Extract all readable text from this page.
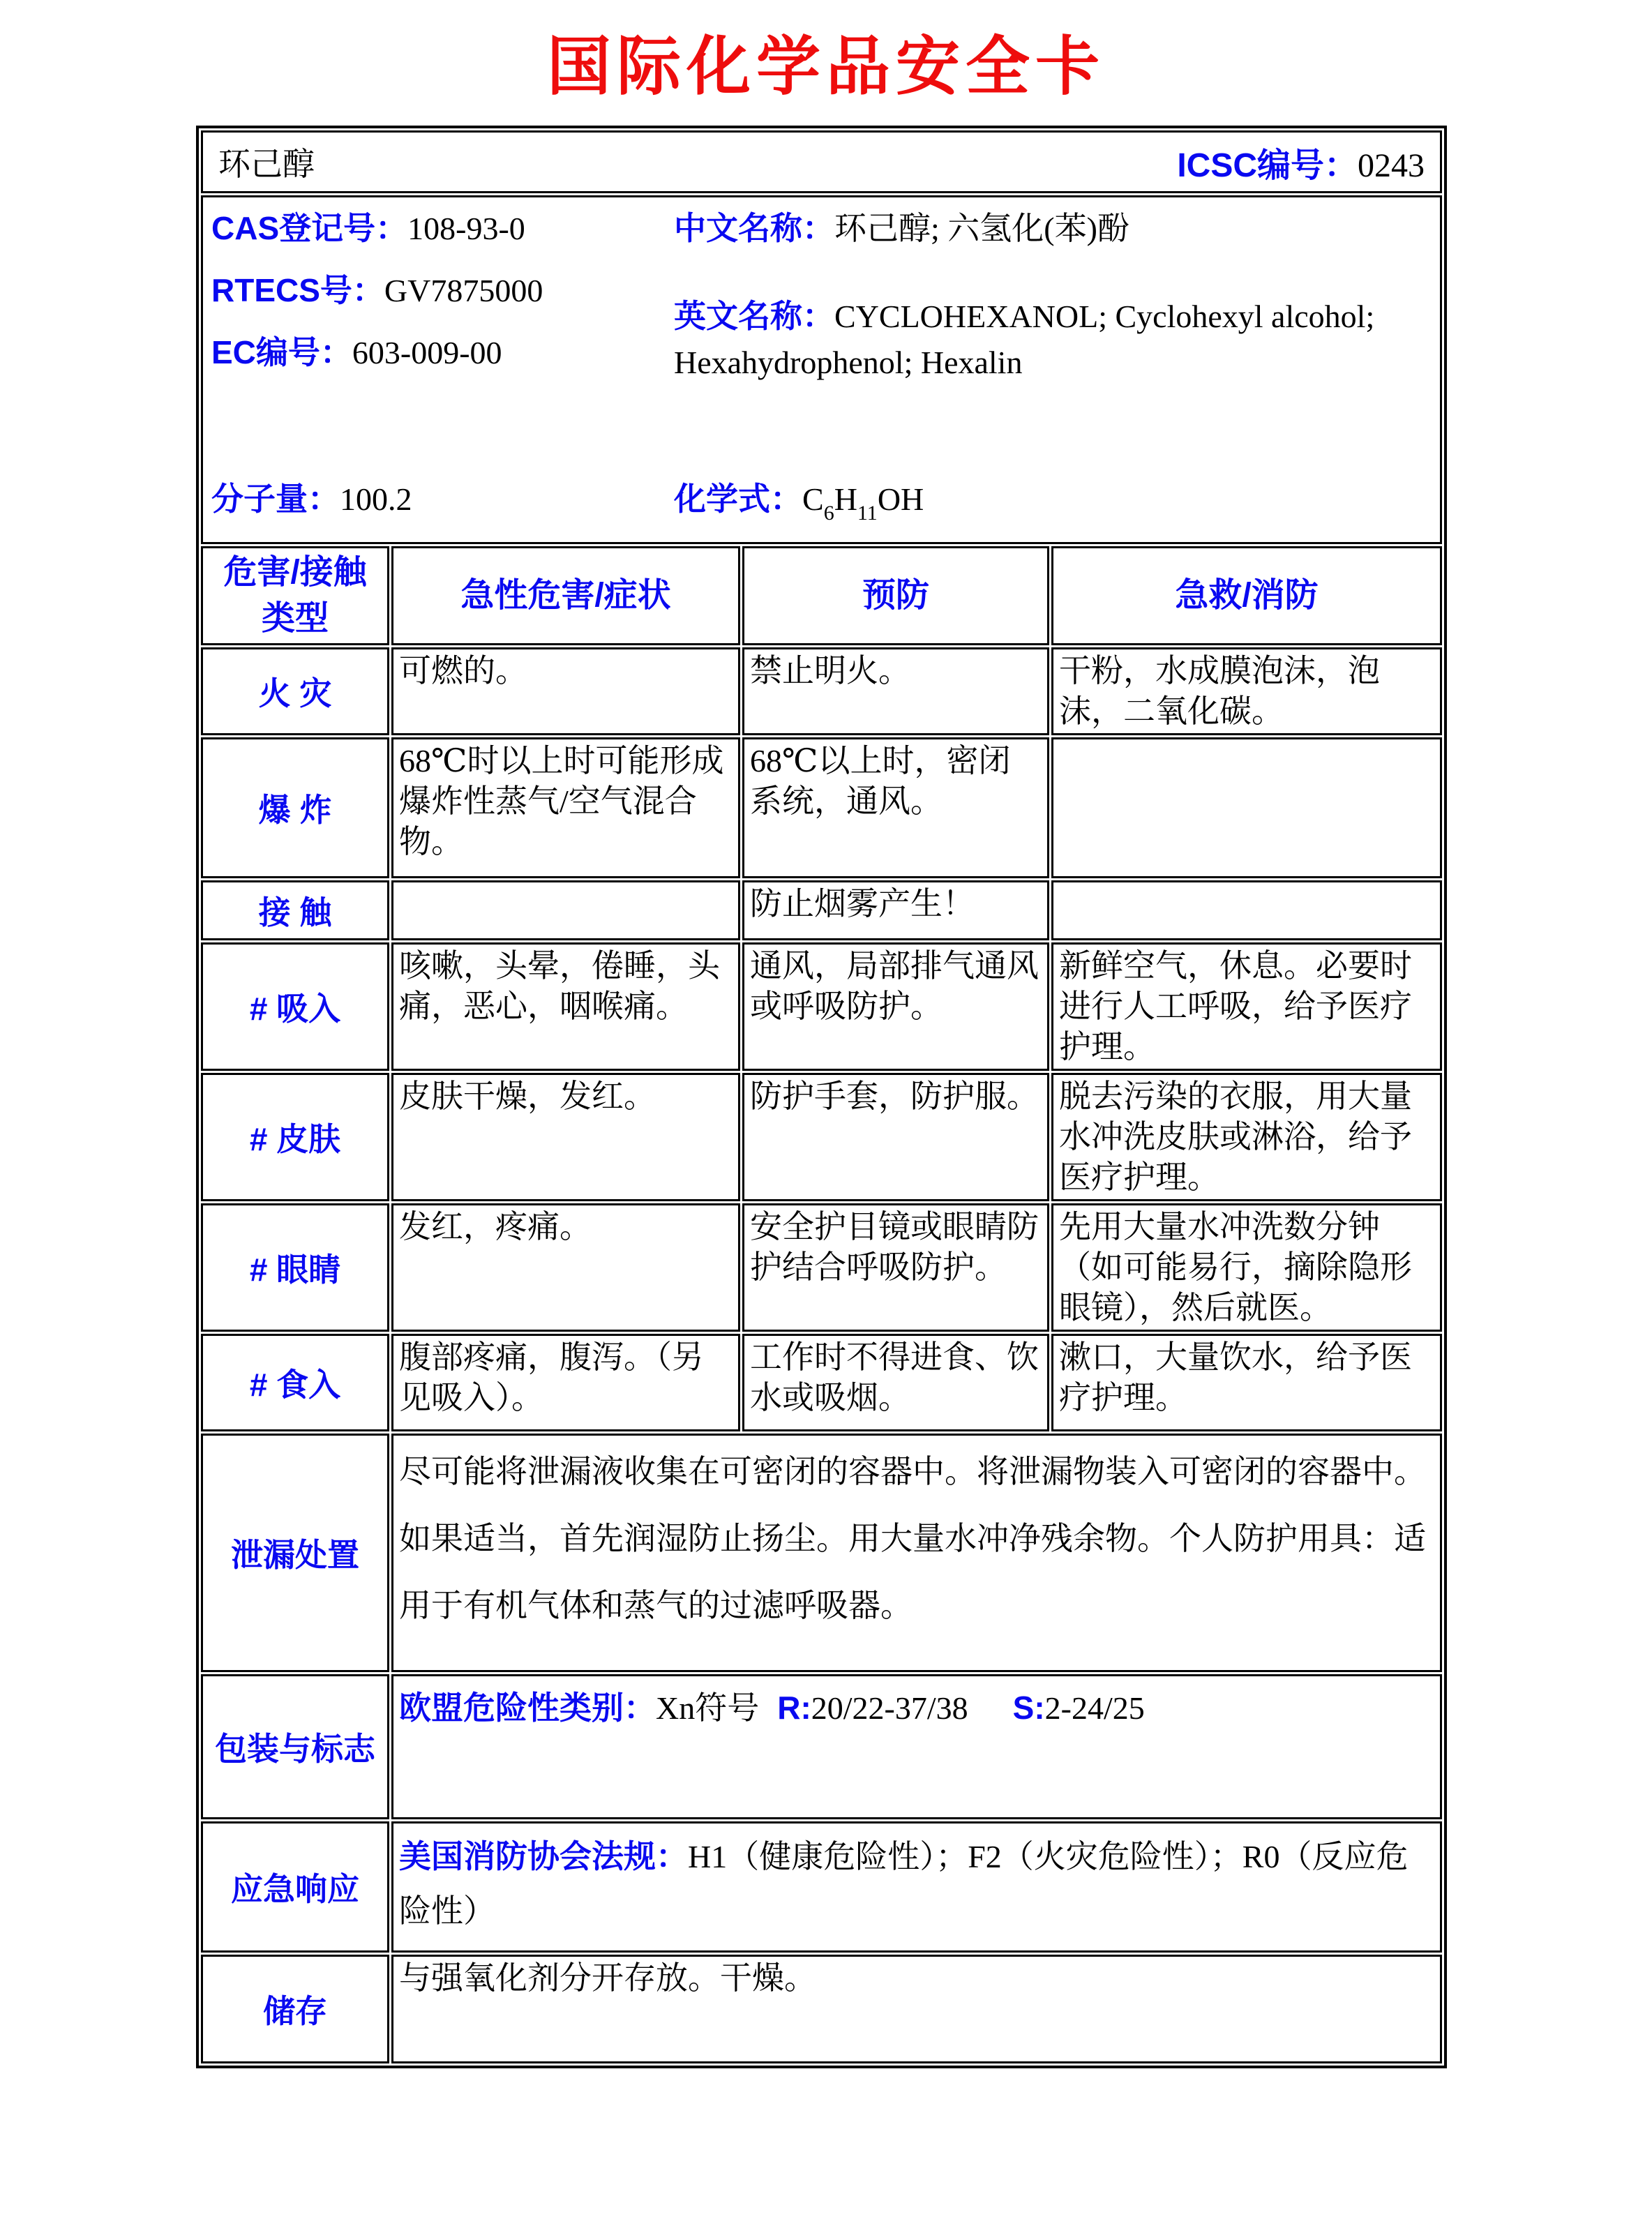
国际化学品安全卡
环己醇 ICSC编号：0243			

CAS登记号：108-93-0
RTECS号：GV7875000
EC编号：603-009-00
中文名称：环己醇; 六氢化(苯)酚
英文名称：CYCLOHEXANOL; Cyclohexyl alcohol; Hexahydrophenol; Hexalin
分子量：100.2	化学式：$C_6H_{11}OH$

危害/接触
类型	急性危害/症状	预防	急救/消防
火 灾	可燃的。	禁止明火。	干粉，水成膜泡沫，泡沫，二氧化碳。
爆 炸	68℃时以上时可能形成爆炸性蒸气/空气混合物。	68℃以上时，密闭系统，通风。	
接 触		防止烟雾产生！	
# 吸入	咳嗽，头晕，倦睡，头痛，恶心，咽喉痛。	通风，局部排气通风或呼吸防护。	新鲜空气，休息。必要时进行人工呼吸，给予医疗护理。
# 皮肤	皮肤干燥，发红。	防护手套，防护服。	脱去污染的衣服，用大量水冲洗皮肤或淋浴，给予医疗护理。
# 眼睛	发红，疼痛。	安全护目镜或眼睛防护结合呼吸防护。	先用大量水冲洗数分钟（如可能易行，摘除隐形眼镜），然后就医。
# 食入	腹部疼痛，腹泻。（另见吸入）。	工作时不得进食、饮水或吸烟。	漱口，大量饮水，给予医疗护理。
泄漏处置	尽可能将泄漏液收集在可密闭的容器中。将泄漏物装入可密闭的容器中。如果适当，首先润湿防止扬尘。用大量水冲净残余物。个人防护用具：适用于有机气体和蒸气的过滤呼吸器。		
包装与标志	欧盟危险性类别：Xn符号 R:20/22-37/38 S:2-24/25		
应急响应	美国消防协会法规：H1（健康危险性）；F2（火灾危险性）；R0（反应危险性）		
储存	与强氧化剂分开存放。干燥。		
